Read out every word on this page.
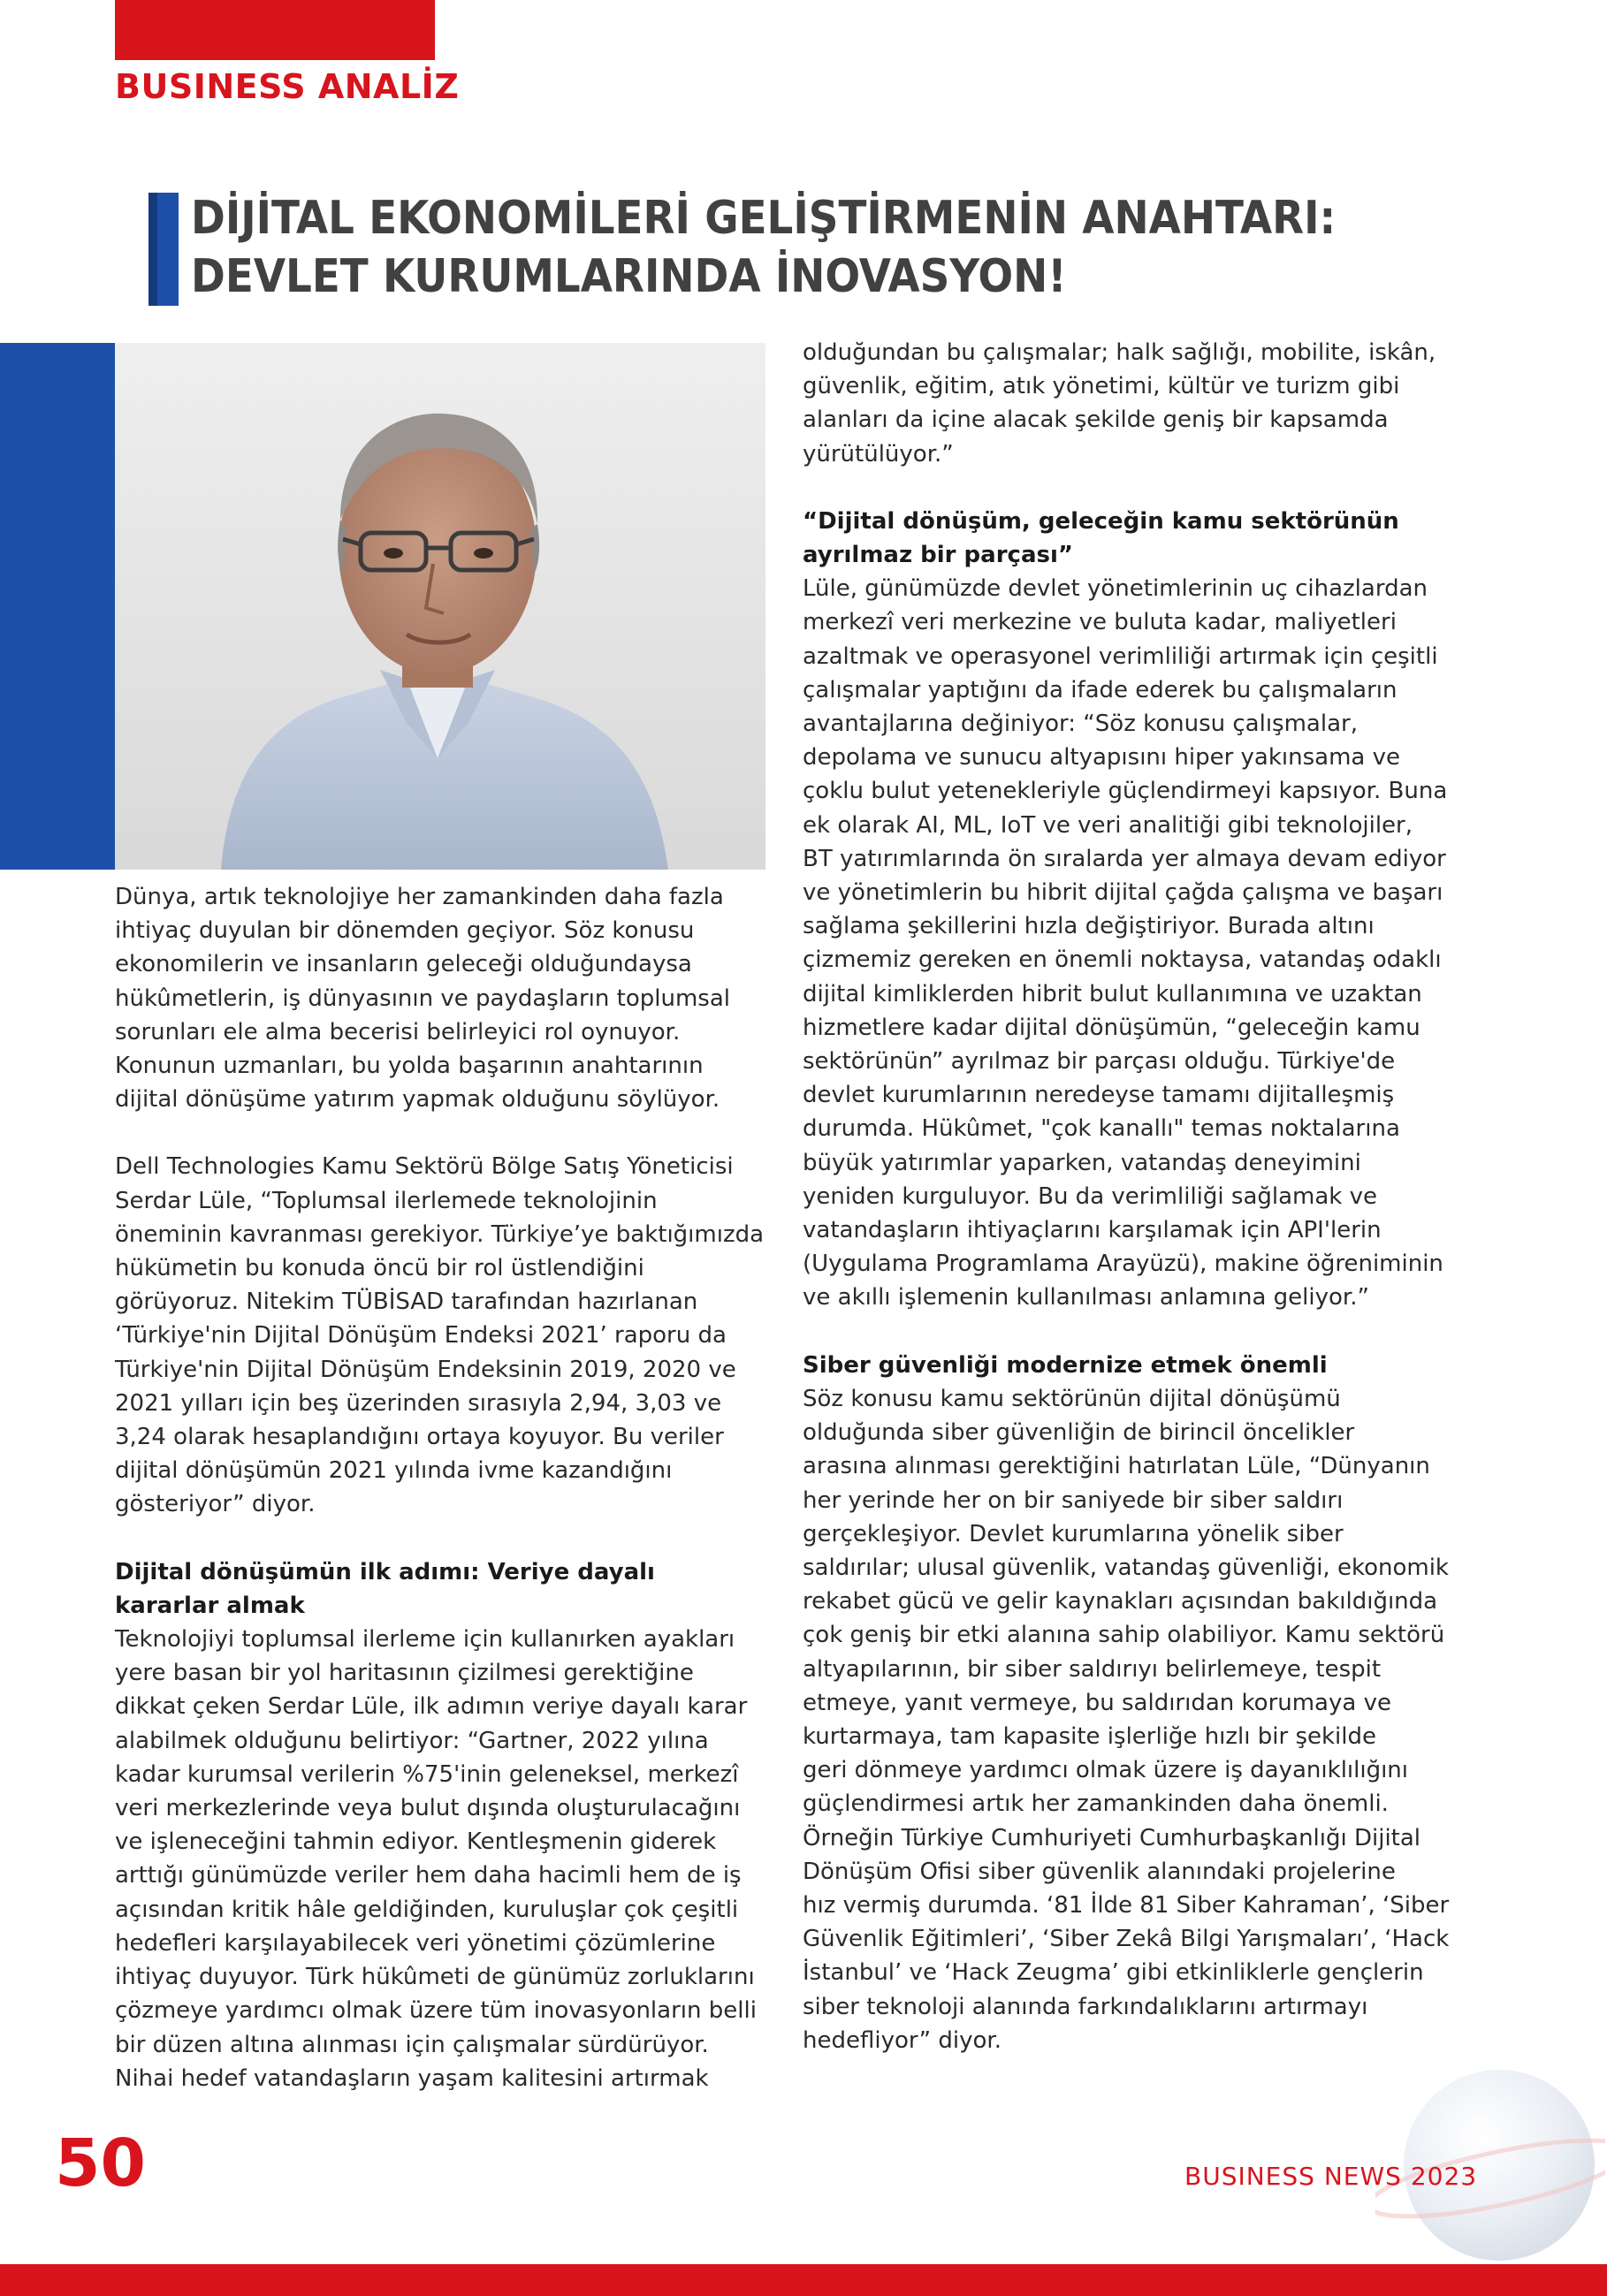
BUSINESS ANALİZ
DİJİTAL EKONOMİLERİ GELİŞTİRMENİN ANAHTARI:
DEVLET KURUMLARINDA İNOVASYON!
olduğundan bu çalışmalar; halk sağlığı, mobilite, iskân,
güvenlik, eğitim, atık yönetimi, kültür ve turizm gibi
alanları da içine alacak şekilde geniş bir kapsamda
yürütülüyor.”
“Dijital dönüşüm, geleceğin kamu sektörünün
ayrılmaz bir parçası”
Lüle, günümüzde devlet yönetimlerinin uç cihazlardan
merkezî veri merkezine ve buluta kadar, maliyetleri
azaltmak ve operasyonel verimliliği artırmak için çeşitli
çalışmalar yaptığını da ifade ederek bu çalışmaların
avantajlarına değiniyor: “Söz konusu çalışmalar,
depolama ve sunucu altyapısını hiper yakınsama ve
çoklu bulut yetenekleriyle güçlendirmeyi kapsıyor. Buna
ek olarak AI, ML, IoT ve veri analitiği gibi teknolojiler,
BT yatırımlarında ön sıralarda yer almaya devam ediyor
ve yönetimlerin bu hibrit dijital çağda çalışma ve başarı
sağlama şekillerini hızla değiştiriyor. Burada altını
çizmemiz gereken en önemli noktaysa, vatandaş odaklı
dijital kimliklerden hibrit bulut kullanımına ve uzaktan
hizmetlere kadar dijital dönüşümün, “geleceğin kamu
sektörünün” ayrılmaz bir parçası olduğu. Türkiye'de
devlet kurumlarının neredeyse tamamı dijitalleşmiş
durumda. Hükûmet, "çok kanallı" temas noktalarına
büyük yatırımlar yaparken, vatandaş deneyimini
yeniden kurguluyor. Bu da verimliliği sağlamak ve
vatandaşların ihtiyaçlarını karşılamak için API'lerin
(Uygulama Programlama Arayüzü), makine öğreniminin
ve akıllı işlemenin kullanılması anlamına geliyor.”
Siber güvenliği modernize etmek önemli
Söz konusu kamu sektörünün dijital dönüşümü
olduğunda siber güvenliğin de birincil öncelikler
arasına alınması gerektiğini hatırlatan Lüle, “Dünyanın
her yerinde her on bir saniyede bir siber saldırı
gerçekleşiyor. Devlet kurumlarına yönelik siber
saldırılar; ulusal güvenlik, vatandaş güvenliği, ekonomik
rekabet gücü ve gelir kaynakları açısından bakıldığında
çok geniş bir etki alanına sahip olabiliyor. Kamu sektörü
altyapılarının, bir siber saldırıyı belirlemeye, tespit
etmeye, yanıt vermeye, bu saldırıdan korumaya ve
kurtarmaya, tam kapasite işlerliğe hızlı bir şekilde
geri dönmeye yardımcı olmak üzere iş dayanıklılığını
güçlendirmesi artık her zamankinden daha önemli.
Örneğin Türkiye Cumhuriyeti Cumhurbaşkanlığı Dijital
Dönüşüm Ofisi siber güvenlik alanındaki projelerine
hız vermiş durumda. ‘81 İlde 81 Siber Kahraman’, ‘Siber
Güvenlik Eğitimleri’, ‘Siber Zekâ Bilgi Yarışmaları’, ‘Hack
İstanbul’ ve ‘Hack Zeugma’ gibi etkinliklerle gençlerin
siber teknoloji alanında farkındalıklarını artırmayı
hedefliyor” diyor.
Dünya, artık teknolojiye her zamankinden daha fazla
ihtiyaç duyulan bir dönemden geçiyor. Söz konusu
ekonomilerin ve insanların geleceği olduğundaysa
hükûmetlerin, iş dünyasının ve paydaşların toplumsal
sorunları ele alma becerisi belirleyici rol oynuyor.
Konunun uzmanları, bu yolda başarının anahtarının
dijital dönüşüme yatırım yapmak olduğunu söylüyor.
Dell Technologies Kamu Sektörü Bölge Satış Yöneticisi
Serdar Lüle, “Toplumsal ilerlemede teknolojinin
öneminin kavranması gerekiyor. Türkiye’ye baktığımızda
hükümetin bu konuda öncü bir rol üstlendiğini
görüyoruz. Nitekim TÜBİSAD tarafından hazırlanan
‘Türkiye'nin Dijital Dönüşüm Endeksi 2021’ raporu da
Türkiye'nin Dijital Dönüşüm Endeksinin 2019, 2020 ve
2021 yılları için beş üzerinden sırasıyla 2,94, 3,03 ve
3,24 olarak hesaplandığını ortaya koyuyor. Bu veriler
dijital dönüşümün 2021 yılında ivme kazandığını
gösteriyor” diyor.
Dijital dönüşümün ilk adımı: Veriye dayalı
kararlar almak
Teknolojiyi toplumsal ilerleme için kullanırken ayakları
yere basan bir yol haritasının çizilmesi gerektiğine
dikkat çeken Serdar Lüle, ilk adımın veriye dayalı karar
alabilmek olduğunu belirtiyor: “Gartner, 2022 yılına
kadar kurumsal verilerin %75'inin geleneksel, merkezî
veri merkezlerinde veya bulut dışında oluşturulacağını
ve işleneceğini tahmin ediyor. Kentleşmenin giderek
arttığı günümüzde veriler hem daha hacimli hem de iş
açısından kritik hâle geldiğinden, kuruluşlar çok çeşitli
hedefleri karşılayabilecek veri yönetimi çözümlerine
ihtiyaç duyuyor. Türk hükûmeti de günümüz zorluklarını
çözmeye yardımcı olmak üzere tüm inovasyonların belli
bir düzen altına alınması için çalışmalar sürdürüyor.
Nihai hedef vatandaşların yaşam kalitesini artırmak
50	BUSINESS NEWS 2023
